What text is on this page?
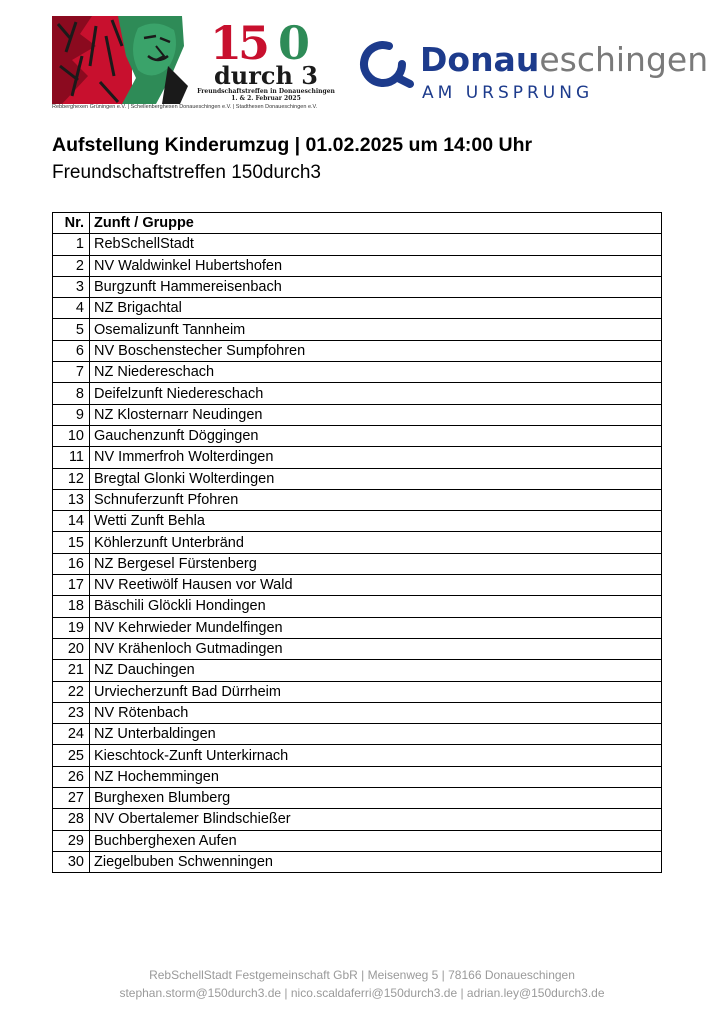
1
5 0
durch 3
Freundschaftstreffen in Donaueschingen
1. & 2. Februar 2025
Rebberghexen Grüningen e.V. | Schellenberghexen Donaueschingen e.V. | Stadthexen Donaueschingen e.V.
Donaueschingen
AM URSPRUNG
Aufstellung Kinderumzug | 01.02.2025 um 14:00 Uhr
Freundschaftstreffen 150durch3
Nr.	Zunft / Gruppe
1	RebSchellStadt
2	NV Waldwinkel Hubertshofen
3	Burgzunft Hammereisenbach
4	NZ Brigachtal
5	Osemalizunft Tannheim
6	NV Boschenstecher Sumpfohren
7	NZ Niedereschach
8	Deifelzunft Niedereschach
9	NZ Klosternarr Neudingen
10	Gauchenzunft Döggingen
11	NV Immerfroh Wolterdingen
12	Bregtal Glonki Wolterdingen
13	Schnuferzunft Pfohren
14	Wetti Zunft Behla
15	Köhlerzunft Unterbränd
16	NZ Bergesel Fürstenberg
17	NV Reetiwölf Hausen vor Wald
18	Bäschili Glöckli Hondingen
19	NV Kehrwieder Mundelfingen
20	NV Krähenloch Gutmadingen
21	NZ Dauchingen
22	Urviecherzunft Bad Dürrheim
23	NV Rötenbach
24	NZ Unterbaldingen
25	Kieschtock-Zunft Unterkirnach
26	NZ Hochemmingen
27	Burghexen Blumberg
28	NV Obertalemer Blindschießer
29	Buchberghexen Aufen
30	Ziegelbuben Schwenningen
RebSchellStadt Festgemeinschaft GbR | Meisenweg 5 | 78166 Donaueschingen
stephan.storm@150durch3.de | nico.scaldaferri@150durch3.de | adrian.ley@150durch3.de
